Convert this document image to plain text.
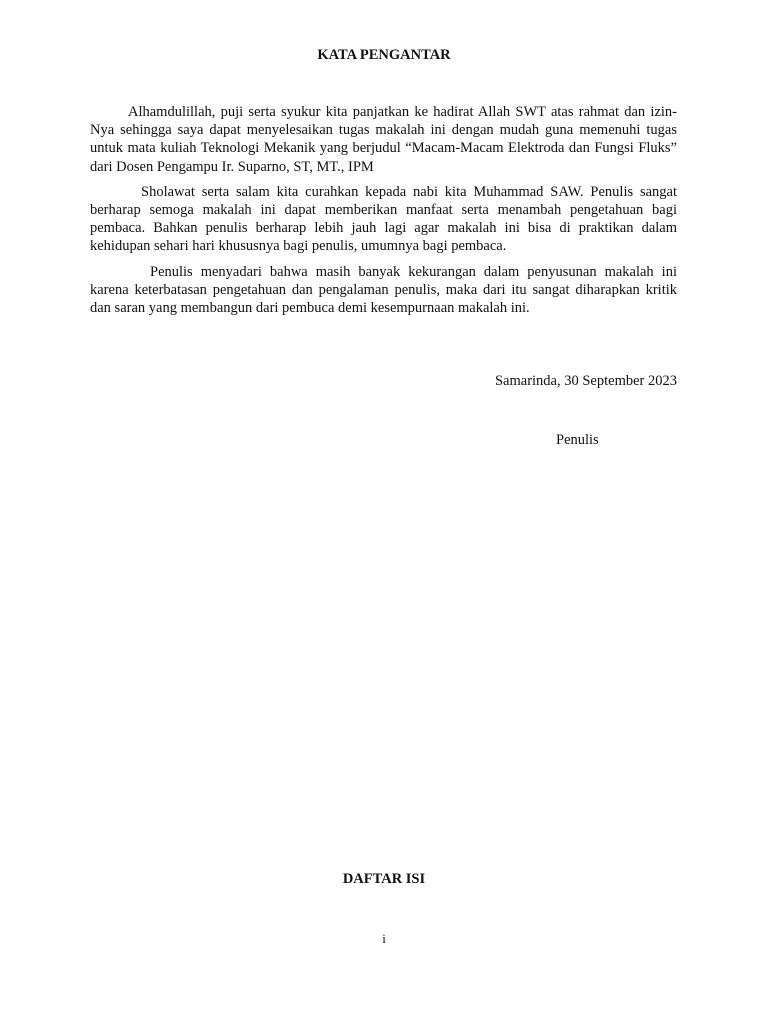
KATA PENGANTAR

Alhamdulillah, puji serta syukur kita panjatkan ke hadirat Allah SWT atas rahmat dan izin-Nya sehingga saya dapat menyelesaikan tugas makalah ini dengan mudah guna memenuhi tugas untuk mata kuliah Teknologi Mekanik yang berjudul “Macam-Macam Elektroda dan Fungsi Fluks” dari Dosen Pengampu Ir. Suparno, ST, MT., IPM

Sholawat serta salam kita curahkan kepada nabi kita Muhammad SAW. Penulis sangat berharap semoga makalah ini dapat memberikan manfaat serta menambah pengetahuan bagi pembaca. Bahkan penulis berharap lebih jauh lagi agar makalah ini bisa di praktikan dalam kehidupan sehari hari khususnya bagi penulis, umumnya bagi pembaca.

Penulis menyadari bahwa masih banyak kekurangan dalam penyusunan makalah ini karena keterbatasan pengetahuan dan pengalaman penulis, maka dari itu sangat diharapkan kritik dan saran yang membangun dari pembuca demi kesempurnaan makalah ini.

Samarinda, 30 September 2023
Penulis
DAFTAR ISI
i
